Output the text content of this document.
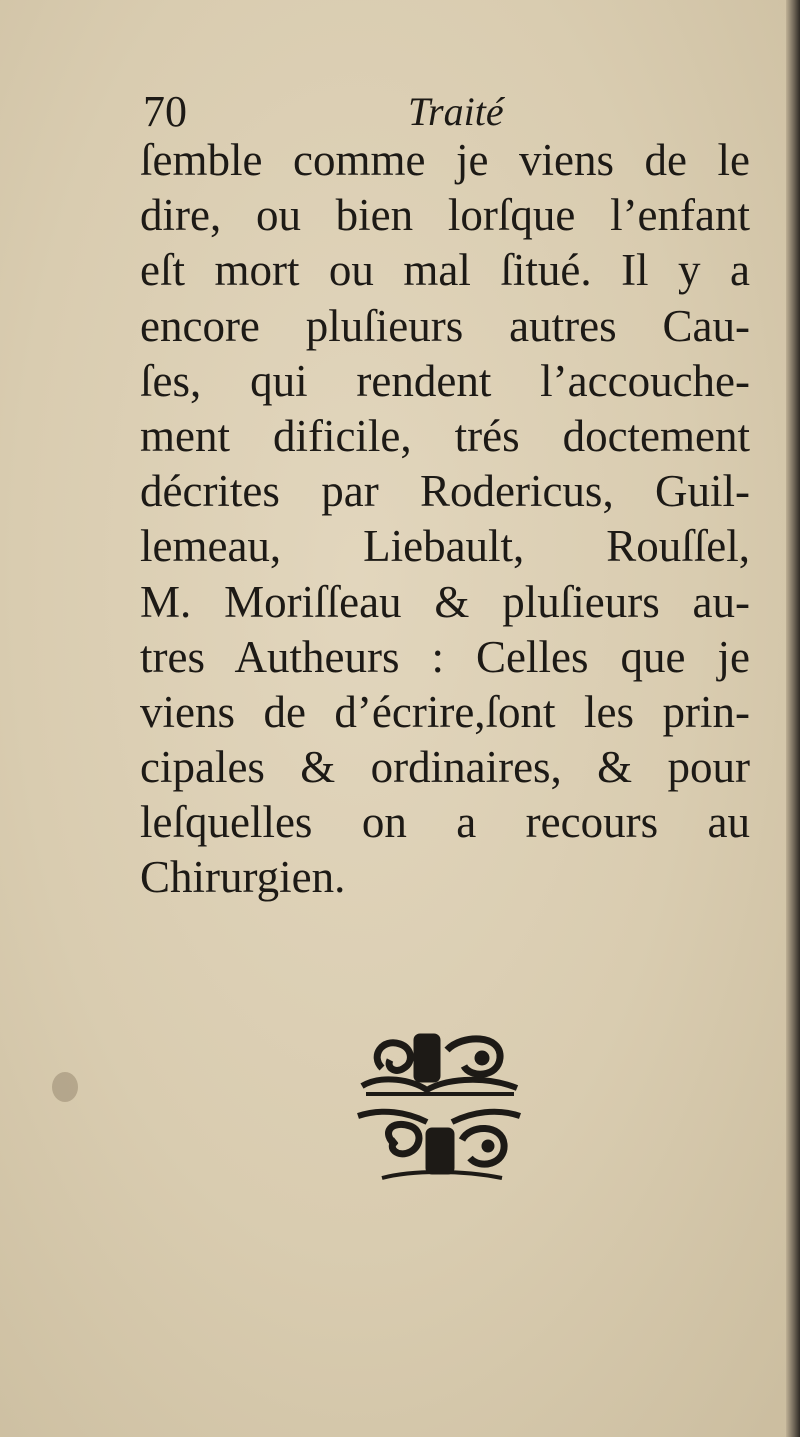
70	Traité
ſemble comme je viens de le
dire, ou bien lorſque l’enfant
eſt mort ou mal ſitué. Il y a
encore pluſieurs autres Cau-
ſes, qui rendent l’accouche-
ment dificile, trés doctement
décrites par Rodericus, Guil-
lemeau, Liebault, Rouſſel,
M. Moriſſeau & pluſieurs au-
tres Autheurs : Celles que je
viens de d’écrire,ſont les prin-
cipales & ordinaires, & pour
leſquelles on a recours au
Chirurgien.
